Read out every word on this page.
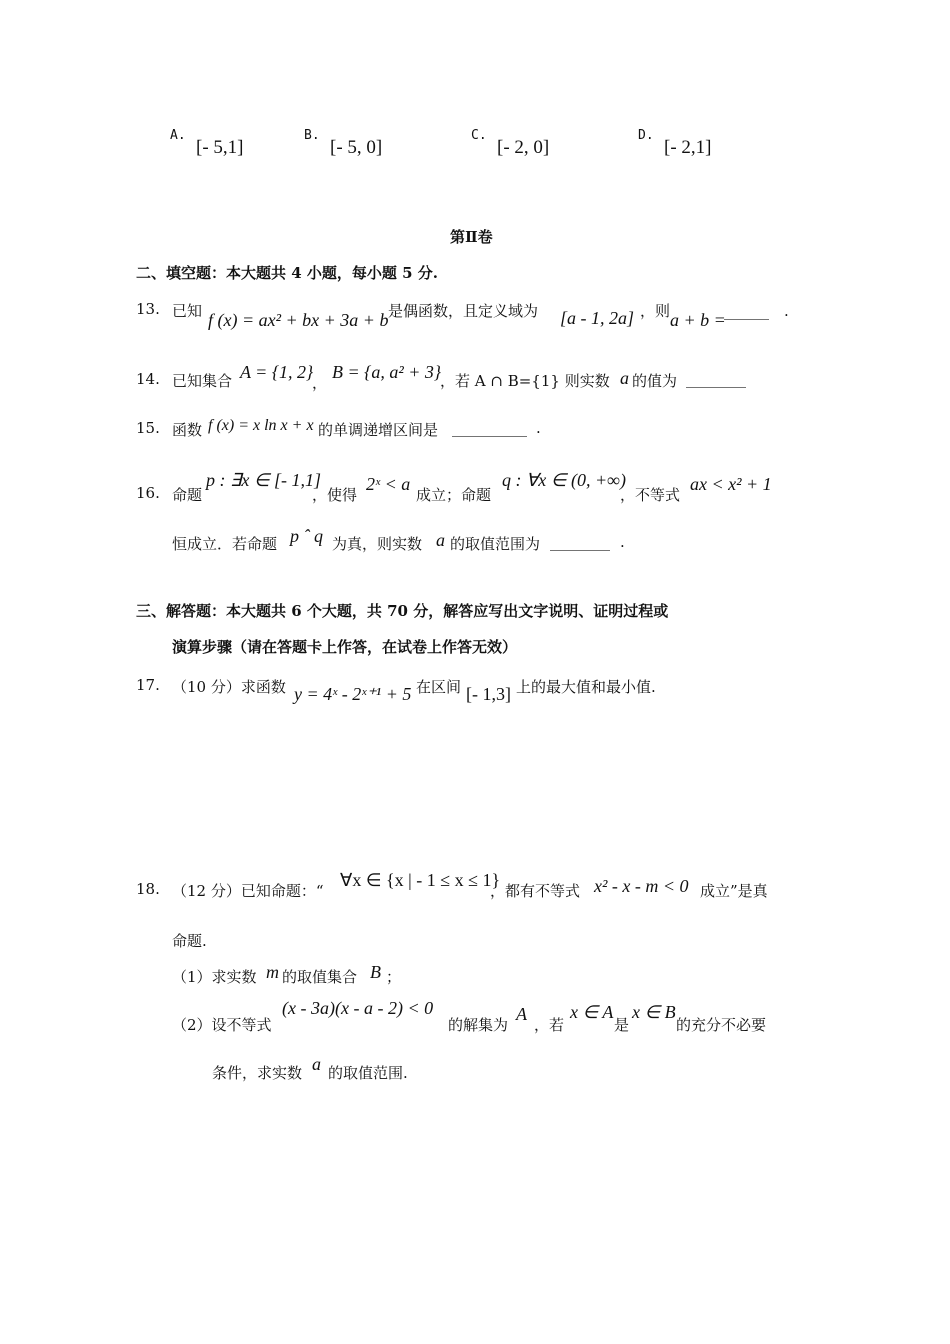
A.
[- 5,1]
B.
[- 5, 0]
C.
[- 2, 0]
D.
[- 2,1]
第Ⅱ卷
二、填空题：本大题共 4 小题，每小题 5 分.
13. 已知 f (x) = ax² + bx + 3a + b 是偶函数，且定义域为 [a - 1, 2a] ，则 a + b =
______ .
14. 已知集合 A = {1, 2}
，
B = {a, a² + 3}
，若 A ∩ B={1} 则实数 a 的值为 ________
15. 函数 f (x) = x ln x + x 的单调递增区间是 __________ .
16. 命题
p : ∃x ∈ [- 1,1]
，使得
2ˣ < a
成立；命题
q : ∀x ∈ (0, +∞)
，不等式
ax < x² + 1
恒成立．若命题 p ˆ q 为真，则实数 a 的取值范围为 ________ .
三、解答题：本大题共 6 个大题，共 70 分，解答应写出文字说明、证明过程或
演算步骤（请在答题卡上作答，在试卷上作答无效）
17. （10 分）求函数 y = 4ˣ - 2ˣ⁺¹ + 5 在区间 [- 1,3] 上的最大值和最小值.
18. （12 分）已知命题：“
∀x ∈ {x | - 1 ≤ x ≤ 1}
，都有不等式 x² - x - m < 0 成立”是真
命题.
（1）求实数 m 的取值集合 B ；
（2）设不等式
(x - 3a)(x - a - 2) < 0
的解集为
A
，若
x ∈ A
是
x ∈ B
的充分不必要
条件，求实数 a 的取值范围.
